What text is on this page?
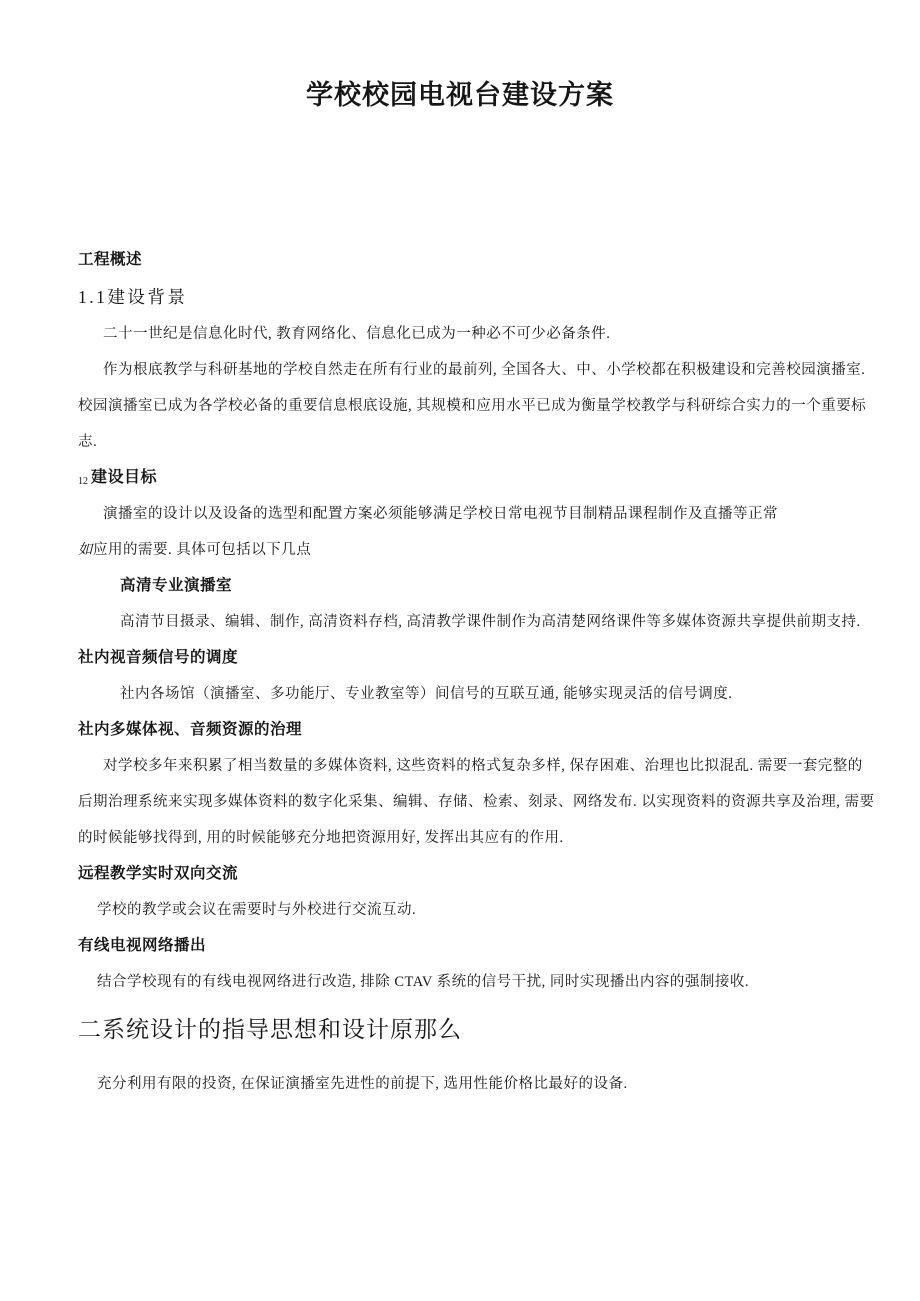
学校校园电视台建设方案
工程概述
1.1建设背景
二十一世纪是信息化时代, 教育网络化、信息化已成为一种必不可少必备条件.
作为根底教学与科研基地的学校自然走在所有行业的最前列, 全国各大、中、小学校都在积极建设和完善校园演播室.
校园演播室已成为各学校必备的重要信息根底设施, 其规模和应用水平已成为衡量学校教学与科研综合实力的一个重要标
志.
12 建设目标
演播室的设计以及设备的选型和配置方案必须能够满足学校日常电视节目制精品课程制作及直播等正常
如应用的需要. 具体可包括以下几点
高清专业演播室
高清节目摄录、编辑、制作, 高清资料存档, 高清教学课件制作为高清楚网络课件等多媒体资源共享提供前期支持.
社内视音频信号的调度
社内各场馆（演播室、多功能厅、专业教室等）间信号的互联互通, 能够实现灵活的信号调度.
社内多媒体视、音频资源的治理
对学校多年来积累了相当数量的多媒体资料, 这些资料的格式复杂多样, 保存困难、治理也比拟混乱. 需要一套完整的
后期治理系统来实现多媒体资料的数字化采集、编辑、存储、检索、刻录、网络发布. 以实现资料的资源共享及治理, 需要
的时候能够找得到, 用的时候能够充分地把资源用好, 发挥出其应有的作用.
远程教学实时双向交流
学校的教学或会议在需要时与外校进行交流互动.
有线电视网络播出
结合学校现有的有线电视网络进行改造, 排除 CTAV 系统的信号干扰, 同时实现播出内容的强制接收.
二系统设计的指导思想和设计原那么
充分利用有限的投资, 在保证演播室先进性的前提下, 选用性能价格比最好的设备.
